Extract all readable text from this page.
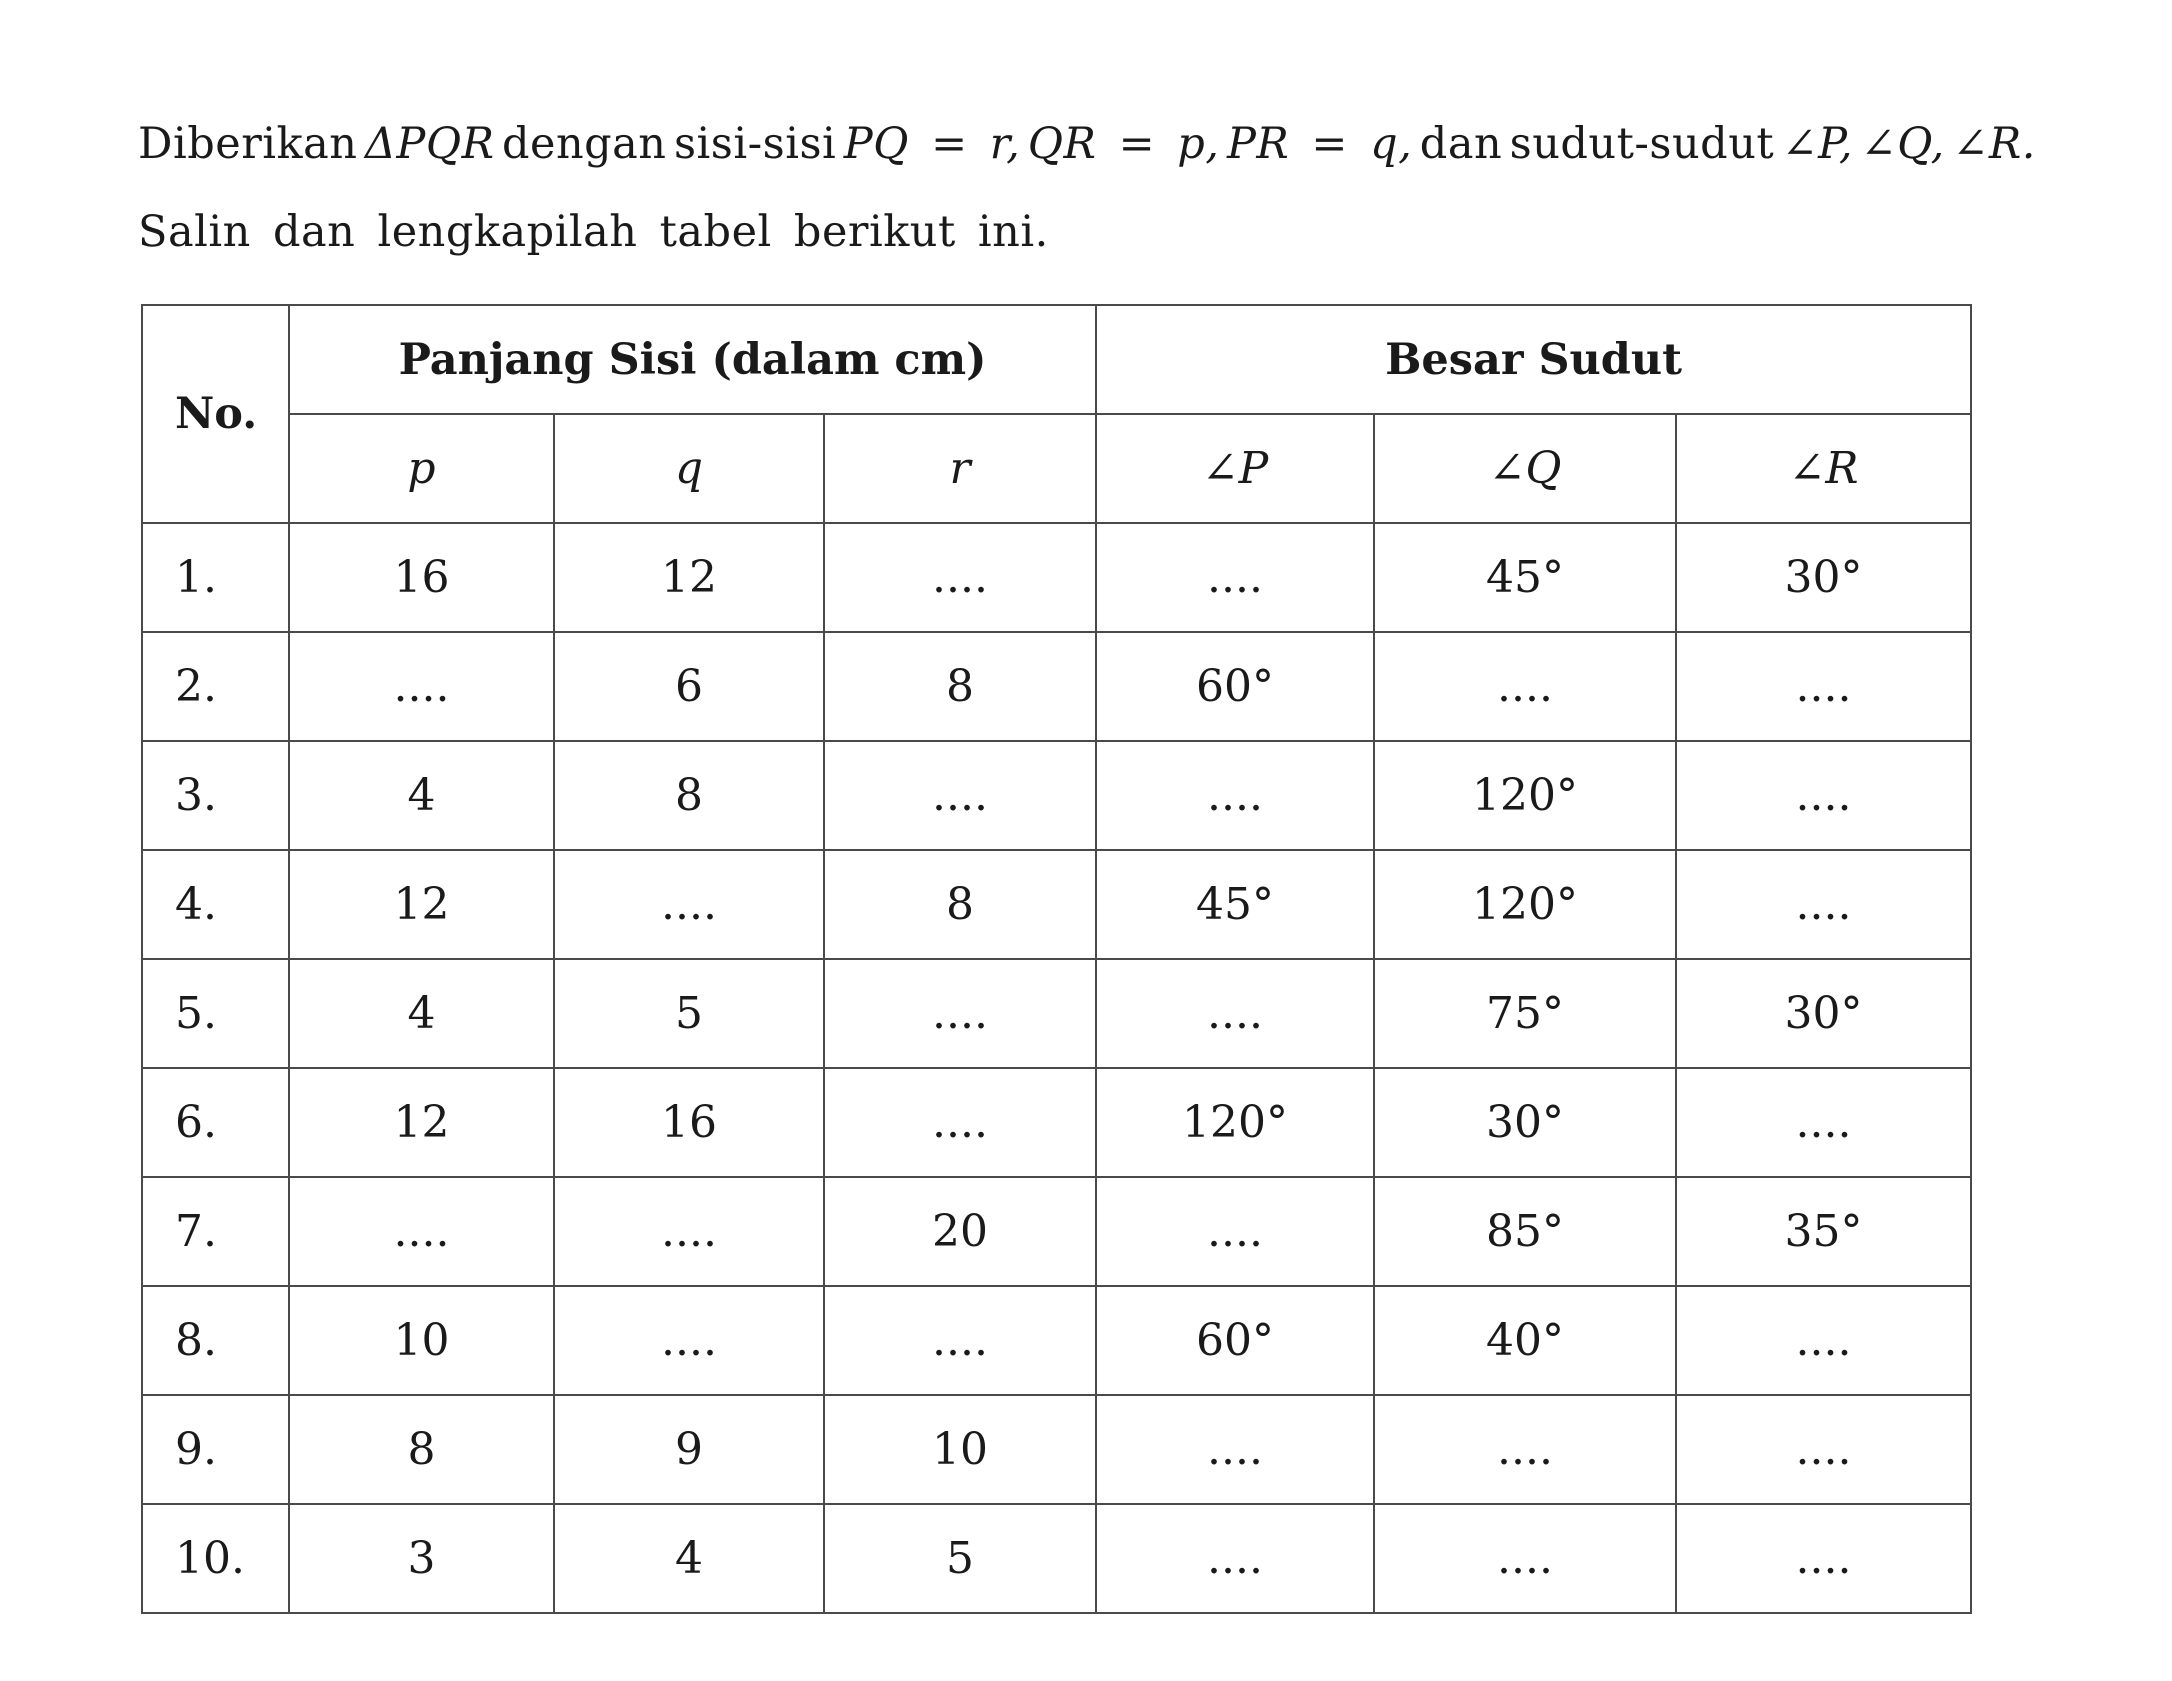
Diberikan ΔPQR dengan sisi-sisi PQ = r, QR = p, PR = q, dan sudut-sudut ∠P, ∠Q, ∠R.
Salin dan lengkapilah tabel berikut ini.
No.	Panjang Sisi (dalam cm)			Besar Sudut		
	p	q	r	∠P	∠Q	∠R
1.	16	12	....	....	45°	30°
2.	....	6	8	60°	....	....
3.	4	8	....	....	120°	....
4.	12	....	8	45°	120°	....
5.	4	5	....	....	75°	30°
6.	12	16	....	120°	30°	....
7.	....	....	20	....	85°	35°
8.	10	....	....	60°	40°	....
9.	8	9	10	....	....	....
10.	3	4	5	....	....	....
